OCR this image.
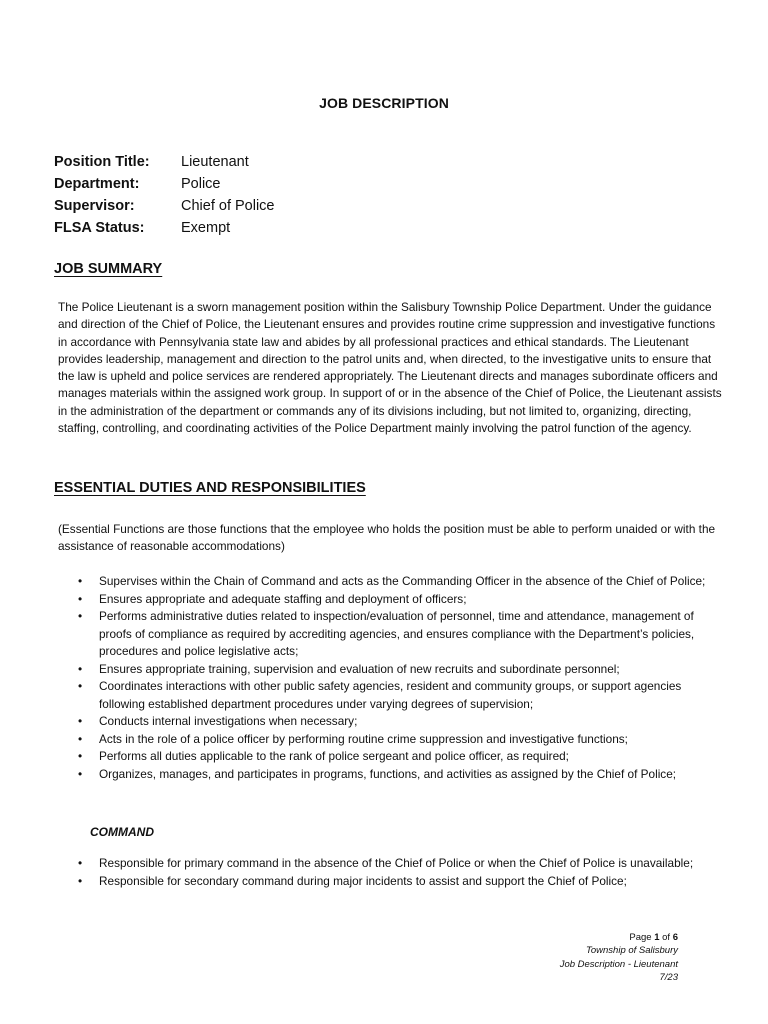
JOB DESCRIPTION
Position Title:	Lieutenant
Department:	Police
Supervisor:	Chief of Police
FLSA Status:	Exempt
JOB SUMMARY

The Police Lieutenant is a sworn management position within the Salisbury Township Police Department. Under the guidance and direction of the Chief of Police, the Lieutenant ensures and provides routine crime suppression and investigative functions in accordance with Pennsylvania state law and abides by all professional practices and ethical standards. The Lieutenant provides leadership, management and direction to the patrol units and, when directed, to the investigative units to ensure that the law is upheld and police services are rendered appropriately. The Lieutenant directs and manages subordinate officers and manages materials within the assigned work group. In support of or in the absence of the Chief of Police, the Lieutenant assists in the administration of the department or commands any of its divisions including, but not limited to, organizing, directing, staffing, controlling, and coordinating activities of the Police Department mainly involving the patrol function of the agency.

ESSENTIAL DUTIES AND RESPONSIBILITIES

(Essential Functions are those functions that the employee who holds the position must be able to perform unaided or with the assistance of reasonable accommodations)

• Supervises within the Chain of Command and acts as the Commanding Officer in the absence of the Chief of Police;
• Ensures appropriate and adequate staffing and deployment of officers;
• Performs administrative duties related to inspection/evaluation of personnel, time and attendance, management of proofs of compliance as required by accrediting agencies, and ensures compliance with the Department’s policies, procedures and police legislative acts;
• Ensures appropriate training, supervision and evaluation of new recruits and subordinate personnel;
• Coordinates interactions with other public safety agencies, resident and community groups, or support agencies following established department procedures under varying degrees of supervision;
• Conducts internal investigations when necessary;
• Acts in the role of a police officer by performing routine crime suppression and investigative functions;
• Performs all duties applicable to the rank of police sergeant and police officer, as required;
• Organizes, manages, and participates in programs, functions, and activities as assigned by the Chief of Police;
COMMAND
• Responsible for primary command in the absence of the Chief of Police or when the Chief of Police is unavailable;
• Responsible for secondary command during major incidents to assist and support the Chief of Police;
Page 1 of 6
Township of Salisbury
Job Description - Lieutenant
7/23
